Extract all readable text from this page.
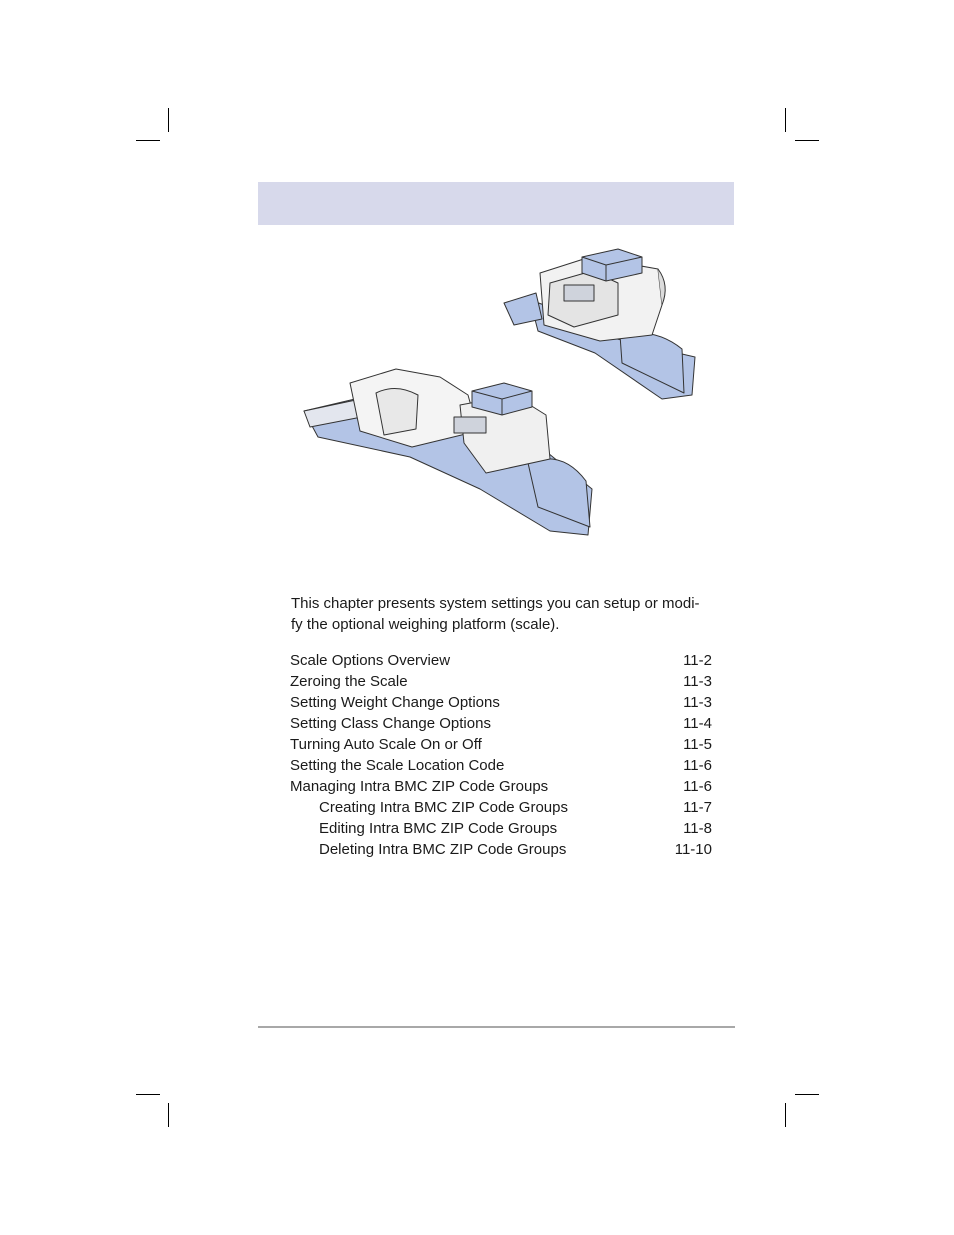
This chapter presents system settings you can setup or modi-
fy the optional weighing platform (scale).

Scale Options Overview	11-2
Zeroing the Scale	11-3
Setting Weight Change Options	11-3
Setting Class Change Options	11-4
Turning Auto Scale On or Off	11-5
Setting the Scale Location Code	11-6
Managing Intra BMC ZIP Code Groups	11-6
Creating Intra BMC ZIP Code Groups	11-7
Editing Intra BMC ZIP Code Groups	11-8
Deleting Intra BMC ZIP Code Groups	11-10
